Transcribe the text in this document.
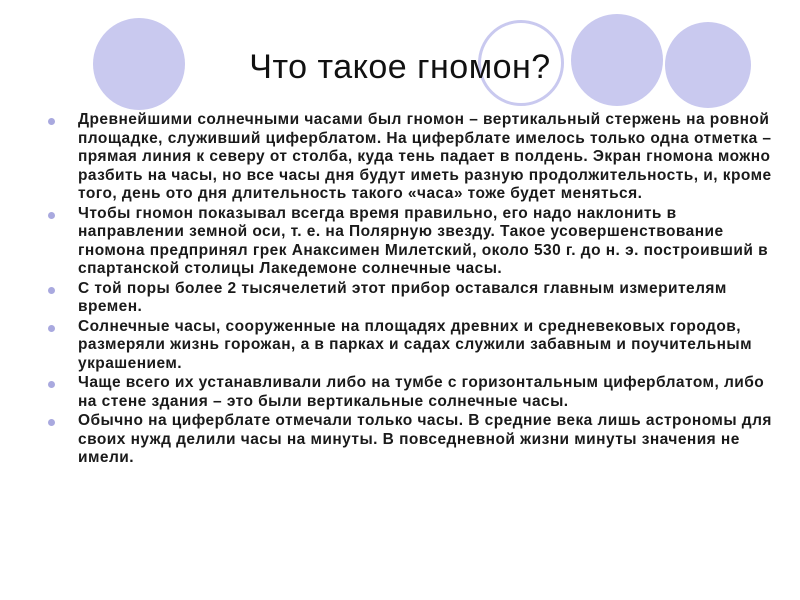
Что такое гномон?
Древнейшими солнечными часами был гномон – вертикальный стержень на ровной площадке, служивший циферблатом. На циферблате имелось только одна отметка – прямая линия к северу от столба, куда тень падает в полдень. Экран гномона можно разбить на часы, но все часы дня будут иметь разную продолжительность, и, кроме того, день ото дня длительность такого «часа» тоже будет меняться.
Чтобы гномон показывал всегда время правильно, его надо наклонить в направлении земной оси, т. е. на Полярную звезду. Такое усовершенствование гномона предпринял грек Анаксимен Милетский, около 530 г. до н. э. построивший в спартанской столицы Лакедемоне солнечные часы.
С той поры более 2 тысячелетий этот прибор оставался главным измерителям времен.
Солнечные часы, сооруженные на площадях древних и средневековых городов, размеряли жизнь горожан, а в парках и садах служили забавным и поучительным украшением.
Чаще всего их устанавливали либо на тумбе с горизонтальным циферблатом, либо на стене здания – это были вертикальные солнечные часы.
Обычно на циферблате отмечали только часы. В средние века лишь астрономы для своих нужд делили часы на минуты. В повседневной жизни минуты значения не имели.
